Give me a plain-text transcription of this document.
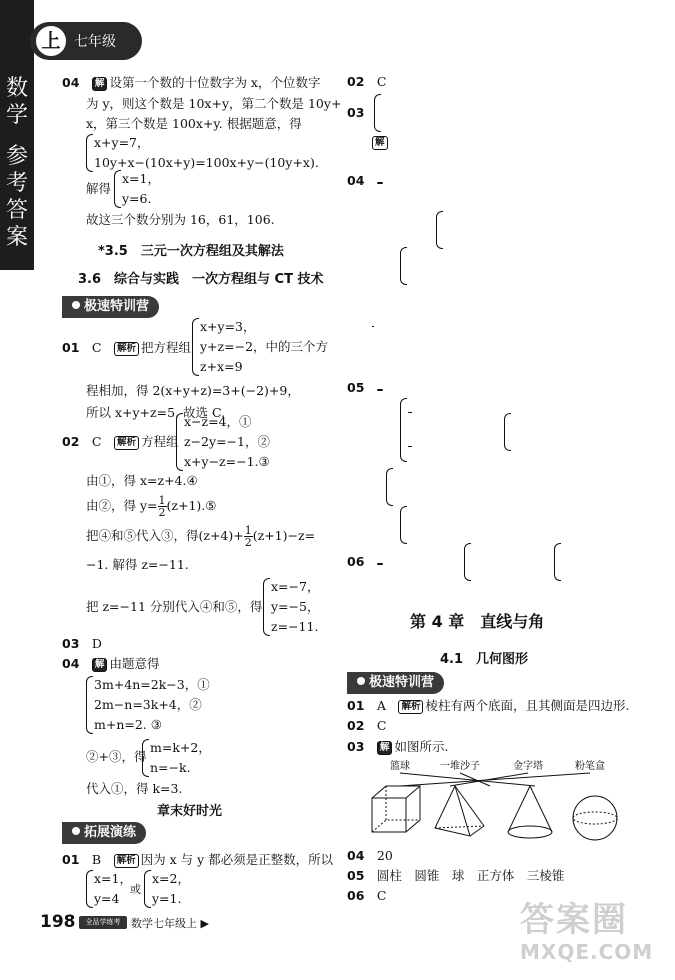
数
学
参
考
答
案
上 七年级
04　 解 设第一个数的十位数字为 x，个位数字
为 y，则这个数是 10x+y，第二个数是 10y+
x，第三个数是 100x+y. 根据题意，得
x+y=7，
10y+x−(10x+y)=100x+y−(10y+x).
解得
x=1，
y=6.
故这三个数分别为 16，61，106.
*3.5　三元一次方程组及其解法
3.6　综合与实践　一次方程组与 CT 技术
极速特训营
01　 C　 解析 把方程组
x+y=3，
y+z=−2，中的三个方
z+x=9
程相加，得 2(x+y+z)=3+(−2)+9，
所以 x+y+z=5. 故选 C.
02　 C　 解析 方程组
x−z=4，①
z−2y=−1，②
x+y−z=−1.③
由①，得 x=z+4.④
由②，得 $y= \frac{1}{2}$ (z+1).⑤
把④和⑤代入③，得$(z+4)+ \frac{1}{2} (z+1)-z=$
−1. 解得 z=−11.
把 z=−11 分别代入④和⑤，得
x=−7，
y=−5，
z=−11.
03　 D
04　 解 由题意得
3m+4n=2k−3，①
2m−n=3k+4，②
m+n=2. ③
②+③，得
m=k+2，
n=−k.
代入①，得 k=3.
章末好时光
拓展演练
01　 B　 解析 因为 x 与 y 都必须是正整数，所以
x=1，
y=4
或
x=2，
y=1.
02　 C
03
解
04　
05　
06　
第 4 章　直线与角
4.1　几何图形
极速特训营
01　 A　 解析 棱柱有两个底面，且其侧面是四边形.
02　 C
03　 解 如图所示.
篮球	一堆沙子	金字塔	粉笔盒
04　 20
05　 圆柱　圆锥　球　正方体　三棱锥
06　 C
198	全品学练考 数学七年级上 ▶	答案圈
MXQE.COM
